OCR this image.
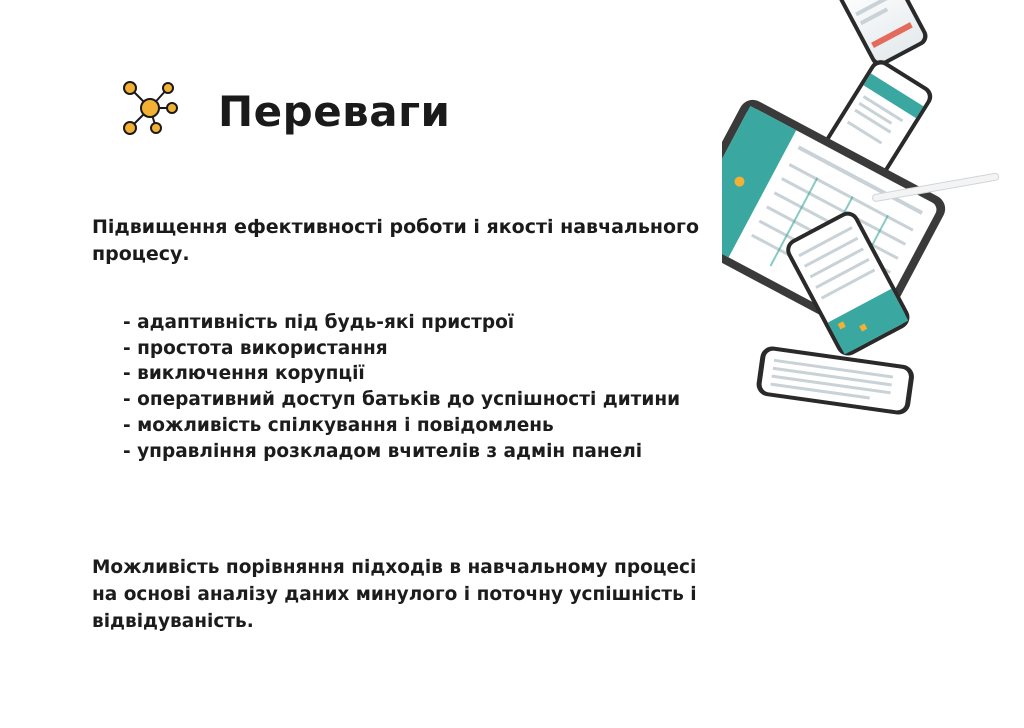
Переваги
Підвищення ефективності роботи і якості навчального процесу.
- адаптивність під будь-які пристрої
- простота використання
- виключення корупції
- оперативний доступ батьків до успішності дитини
- можливість спілкування і повідомлень
- управління розкладом вчителів з адмін панелі
Можливість порівняння підходів в навчальному процесі на основі аналізу даних минулого і поточну успішність і відвідуваність.
